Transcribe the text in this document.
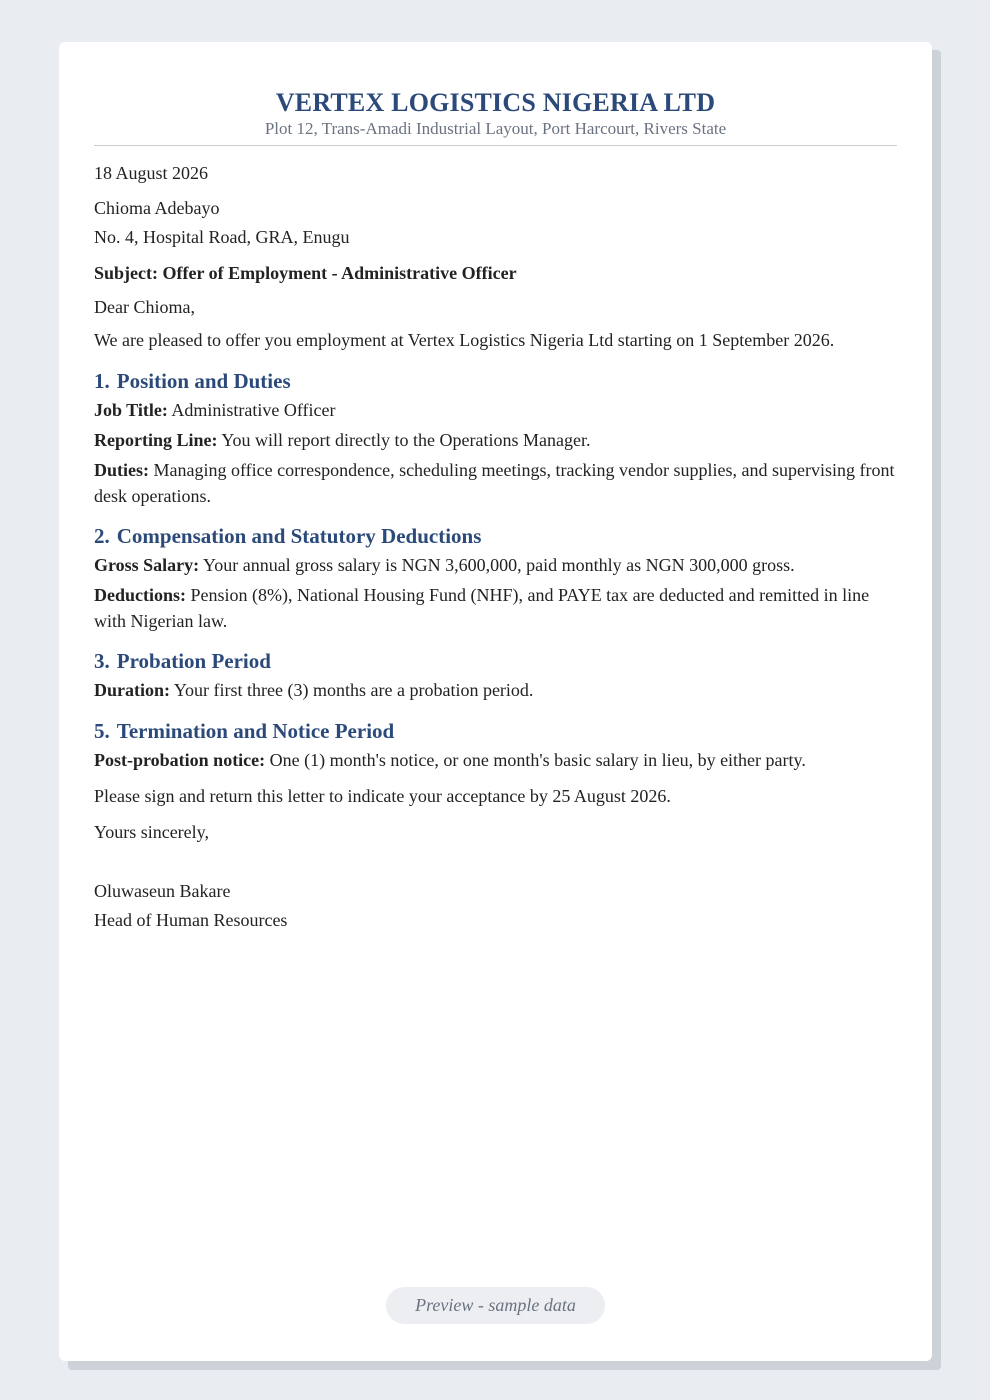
VERTEX LOGISTICS NIGERIA LTD
Plot 12, Trans-Amadi Industrial Layout, Port Harcourt, Rivers State

18 August 2026

Chioma Adebayo

No. 4, Hospital Road, GRA, Enugu

Subject: Offer of Employment - Administrative Officer

Dear Chioma,

We are pleased to offer you employment at Vertex Logistics Nigeria Ltd starting on 1 September 2026.

1. Position and Duties

Job Title: Administrative Officer

Reporting Line: You will report directly to the Operations Manager.

Duties: Managing office correspondence, scheduling meetings, tracking vendor supplies, and supervising front desk operations.

2. Compensation and Statutory Deductions

Gross Salary: Your annual gross salary is NGN 3,600,000, paid monthly as NGN 300,000 gross.

Deductions: Pension (8%), National Housing Fund (NHF), and PAYE tax are deducted and remitted in line with Nigerian law.

3. Probation Period

Duration: Your first three (3) months are a probation period.

5. Termination and Notice Period

Post-probation notice: One (1) month's notice, or one month's basic salary in lieu, by either party.

Please sign and return this letter to indicate your acceptance by 25 August 2026.

Yours sincerely,

Oluwaseun Bakare

Head of Human Resources

Preview - sample data
